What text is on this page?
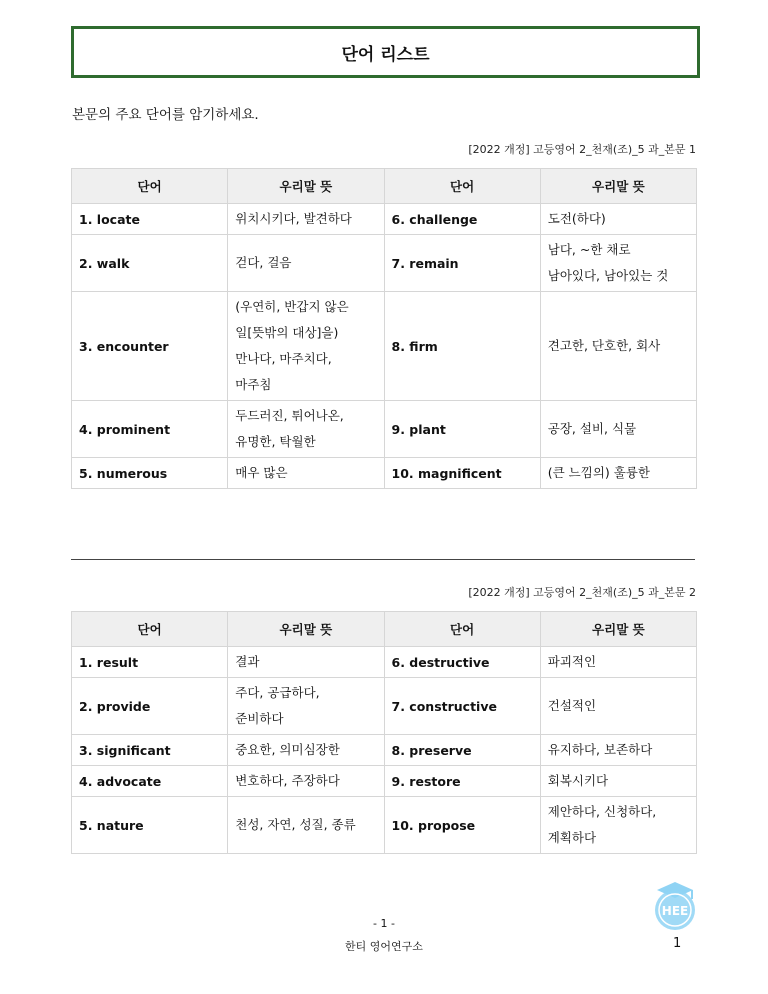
단어 리스트
본문의 주요 단어를 암기하세요.
[2022 개정] 고등영어 2_천재(조)_5 과_본문 1
단어	우리말 뜻	단어	우리말 뜻
1. locate	위치시키다, 발견하다	6. challenge	도전(하다)
2. walk	걷다, 걸음	7. remain	남다, ~한 채로
남아있다, 남아있는 것
3. encounter	(우연히, 반갑지 않은
일[뜻밖의 대상]을)
만나다, 마주치다,
마주침	8. firm	견고한, 단호한, 회사
4. prominent	두드러진, 튀어나온,
유명한, 탁월한	9. plant	공장, 설비, 식물
5. numerous	매우 많은	10. magnificent	(큰 느낌의) 훌륭한
[2022 개정] 고등영어 2_천재(조)_5 과_본문 2
단어	우리말 뜻	단어	우리말 뜻
1. result	결과	6. destructive	파괴적인
2. provide	주다, 공급하다,
준비하다	7. constructive	건설적인
3. significant	중요한, 의미심장한	8. preserve	유지하다, 보존하다
4. advocate	변호하다, 주장하다	9. restore	회복시키다
5. nature	천성, 자연, 성질, 종류	10. propose	제안하다, 신청하다,
계획하다
- 1 -
한티 영어연구소	1
HEE
